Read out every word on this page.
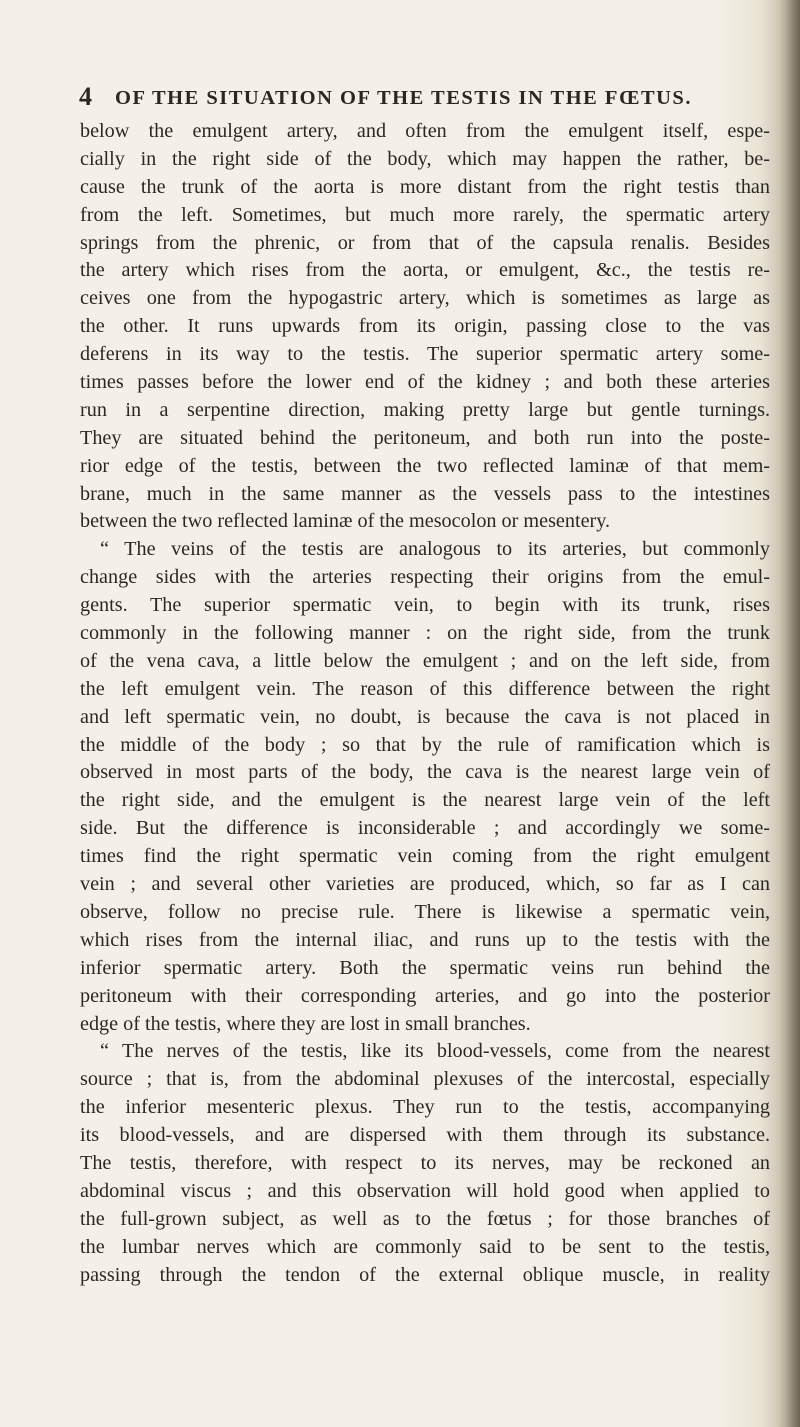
4 OF THE SITUATION OF THE TESTIS IN THE FŒTUS.
below the emulgent artery, and often from the emulgent itself, espe-
cially in the right side of the body, which may happen the rather, be-
cause the trunk of the aorta is more distant from the right testis than
from the left. Sometimes, but much more rarely, the spermatic artery
springs from the phrenic, or from that of the capsula renalis. Besides
the artery which rises from the aorta, or emulgent, &c., the testis re-
ceives one from the hypogastric artery, which is sometimes as large as
the other. It runs upwards from its origin, passing close to the vas
deferens in its way to the testis. The superior spermatic artery some-
times passes before the lower end of the kidney ; and both these arteries
run in a serpentine direction, making pretty large but gentle turnings.
They are situated behind the peritoneum, and both run into the poste-
rior edge of the testis, between the two reflected laminæ of that mem-
brane, much in the same manner as the vessels pass to the intestines
between the two reflected laminæ of the mesocolon or mesentery.
“ The veins of the testis are analogous to its arteries, but commonly
change sides with the arteries respecting their origins from the emul-
gents. The superior spermatic vein, to begin with its trunk, rises
commonly in the following manner : on the right side, from the trunk
of the vena cava, a little below the emulgent ; and on the left side, from
the left emulgent vein. The reason of this difference between the right
and left spermatic vein, no doubt, is because the cava is not placed in
the middle of the body ; so that by the rule of ramification which is
observed in most parts of the body, the cava is the nearest large vein of
the right side, and the emulgent is the nearest large vein of the left
side. But the difference is inconsiderable ; and accordingly we some-
times find the right spermatic vein coming from the right emulgent
vein ; and several other varieties are produced, which, so far as I can
observe, follow no precise rule. There is likewise a spermatic vein,
which rises from the internal iliac, and runs up to the testis with the
inferior spermatic artery. Both the spermatic veins run behind the
peritoneum with their corresponding arteries, and go into the posterior
edge of the testis, where they are lost in small branches.
“ The nerves of the testis, like its blood-vessels, come from the nearest
source ; that is, from the abdominal plexuses of the intercostal, especially
the inferior mesenteric plexus. They run to the testis, accompanying
its blood-vessels, and are dispersed with them through its substance.
The testis, therefore, with respect to its nerves, may be reckoned an
abdominal viscus ; and this observation will hold good when applied to
the full-grown subject, as well as to the fœtus ; for those branches of
the lumbar nerves which are commonly said to be sent to the testis,
passing through the tendon of the external oblique muscle, in reality
